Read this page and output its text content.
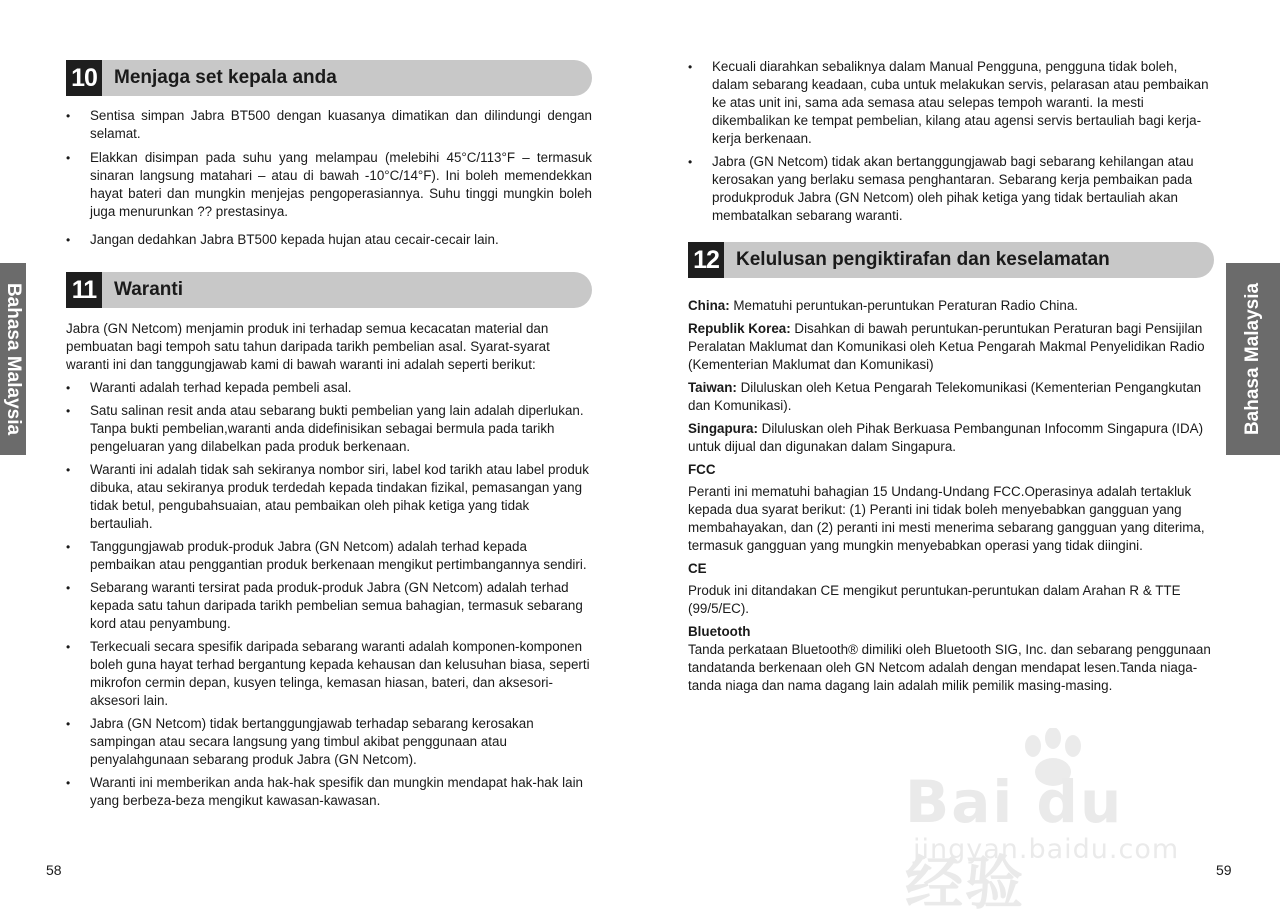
Bahasa Malaysia
10 Menjaga set kepala anda
• Sentisa simpan Jabra BT500 dengan kuasanya dimatikan dan dilindungi dengan selamat.
• Elakkan disimpan pada suhu yang melampau (melebihi 45°C/113°F – termasuk sinaran langsung matahari – atau di bawah -10°C/14°F). Ini boleh memendekkan hayat bateri dan mungkin menjejas pengoperasiannya. Suhu tinggi mungkin boleh juga menurunkan ?? prestasinya.
• Jangan dedahkan Jabra BT500 kepada hujan atau cecair-cecair lain.
11 Waranti
Jabra (GN Netcom) menjamin produk ini terhadap semua kecacatan material dan pembuatan bagi tempoh satu tahun daripada tarikh pembelian asal. Syarat-syarat waranti ini dan tanggungjawab kami di bawah waranti ini adalah seperti berikut:
• Waranti adalah terhad kepada pembeli asal.
• Satu salinan resit anda atau sebarang bukti pembelian yang lain adalah diperlukan. Tanpa bukti pembelian,waranti anda didefinisikan sebagai bermula pada tarikh pengeluaran yang dilabelkan pada produk berkenaan.
• Waranti ini adalah tidak sah sekiranya nombor siri, label kod tarikh atau label produk dibuka, atau sekiranya produk terdedah kepada tindakan fizikal, pemasangan yang tidak betul, pengubahsuaian, atau pembaikan oleh pihak ketiga yang tidak bertauliah.
• Tanggungjawab produk-produk Jabra (GN Netcom) adalah terhad kepada pembaikan atau penggantian produk berkenaan mengikut pertimbangannya sendiri.
• Sebarang waranti tersirat pada produk-produk Jabra (GN Netcom) adalah terhad kepada satu tahun daripada tarikh pembelian semua bahagian, termasuk sebarang kord atau penyambung.
• Terkecuali secara spesifik daripada sebarang waranti adalah komponen-komponen boleh guna hayat terhad bergantung kepada kehausan dan kelusuhan biasa, seperti mikrofon cermin depan, kusyen telinga, kemasan hiasan, bateri, dan aksesori-aksesori lain.
• Jabra (GN Netcom) tidak bertanggungjawab terhadap sebarang kerosakan sampingan atau secara langsung yang timbul akibat penggunaan atau penyalahgunaan sebarang produk Jabra (GN Netcom).
• Waranti ini memberikan anda hak-hak spesifik dan mungkin mendapat hak-hak lain yang berbeza-beza mengikut kawasan-kawasan.
58
• Kecuali diarahkan sebaliknya dalam Manual Pengguna, pengguna tidak boleh, dalam sebarang keadaan, cuba untuk melakukan servis, pelarasan atau pembaikan ke atas unit ini, sama ada semasa atau selepas tempoh waranti. Ia mesti dikembalikan ke tempat pembelian, kilang atau agensi servis bertauliah bagi kerja-kerja berkenaan.
• Jabra (GN Netcom) tidak akan bertanggungjawab bagi sebarang kehilangan atau kerosakan yang berlaku semasa penghantaran. Sebarang kerja pembaikan pada produkproduk Jabra (GN Netcom) oleh pihak ketiga yang tidak bertauliah akan membatalkan sebarang waranti.
12 Kelulusan pengiktirafan dan keselamatan

China: Mematuhi peruntukan-peruntukan Peraturan Radio China.

Republik Korea: Disahkan di bawah peruntukan-peruntukan Peraturan bagi Pensijilan Peralatan Maklumat dan Komunikasi oleh Ketua Pengarah Makmal Penyelidikan Radio (Kementerian Maklumat dan Komunikasi)

Taiwan: Diluluskan oleh Ketua Pengarah Telekomunikasi (Kementerian Pengangkutan dan Komunikasi).

Singapura: Diluluskan oleh Pihak Berkuasa Pembangunan Infocomm Singapura (IDA) untuk dijual dan digunakan dalam Singapura.

FCC

Peranti ini mematuhi bahagian 15 Undang-Undang FCC.Operasinya adalah tertakluk kepada dua syarat berikut: (1) Peranti ini tidak boleh menyebabkan gangguan yang membahayakan, dan (2) peranti ini mesti menerima sebarang gangguan yang diterima, termasuk gangguan yang mungkin menyebabkan operasi yang tidak diingini.

CE

Produk ini ditandakan CE mengikut peruntukan-peruntukan dalam Arahan R & TTE (99/5/EC).

Bluetooth

Tanda perkataan Bluetooth® dimiliki oleh Bluetooth SIG, Inc. dan sebarang penggunaan tandatanda berkenaan oleh GN Netcom adalah dengan mendapat lesen.Tanda niaga-tanda niaga dan nama dagang lain adalah milik pemilik masing-masing.

Bahasa Malaysia
59
Bai du 经验
jingyan.baidu.com
